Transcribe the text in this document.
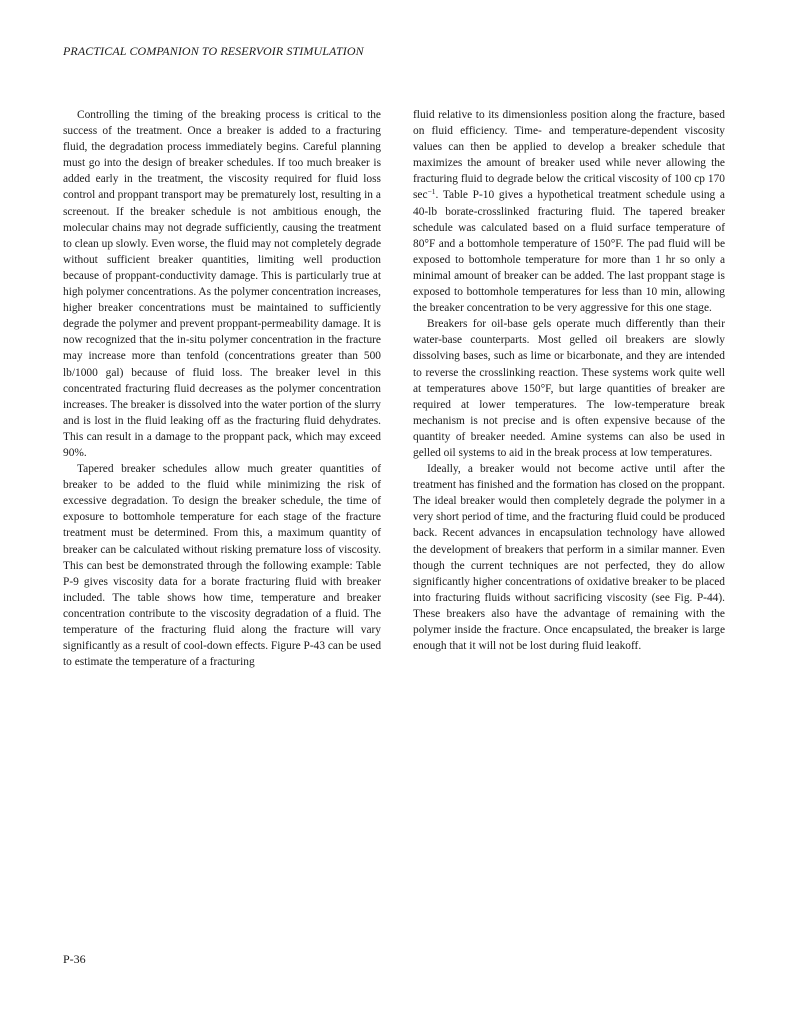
PRACTICAL COMPANION TO RESERVOIR STIMULATION

Controlling the timing of the breaking process is critical to the success of the treatment. Once a breaker is added to a fracturing fluid, the degradation process immediately begins. Careful planning must go into the design of breaker schedules. If too much breaker is added early in the treatment, the viscosity required for fluid loss control and proppant transport may be prematurely lost, resulting in a screenout. If the breaker schedule is not ambitious enough, the molecular chains may not degrade sufficiently, causing the treatment to clean up slowly. Even worse, the fluid may not completely degrade without sufficient breaker quantities, limiting well production because of proppant-conductivity damage. This is particularly true at high polymer concentrations. As the polymer concentration increases, higher breaker concentrations must be maintained to sufficiently degrade the polymer and prevent proppant-permeability damage. It is now recognized that the in-situ polymer concentration in the fracture may increase more than tenfold (concentrations greater than 500 lb/1000 gal) because of fluid loss. The breaker level in this concentrated fracturing fluid decreases as the polymer concentration increases. The breaker is dissolved into the water portion of the slurry and is lost in the fluid leaking off as the fracturing fluid dehydrates. This can result in a damage to the proppant pack, which may exceed 90%.

Tapered breaker schedules allow much greater quantities of breaker to be added to the fluid while minimizing the risk of excessive degradation. To design the breaker schedule, the time of exposure to bottomhole temperature for each stage of the fracture treatment must be determined. From this, a maximum quantity of breaker can be calculated without risking premature loss of viscosity. This can best be demonstrated through the following example: Table P-9 gives viscosity data for a borate fracturing fluid with breaker included. The table shows how time, temperature and breaker concentration contribute to the viscosity degradation of a fluid. The temperature of the fracturing fluid along the fracture will vary significantly as a result of cool-down effects. Figure P-43 can be used to estimate the temperature of a fracturing

fluid relative to its dimensionless position along the fracture, based on fluid efficiency. Time- and temperature-dependent viscosity values can then be applied to develop a breaker schedule that maximizes the amount of breaker used while never allowing the fracturing fluid to degrade below the critical viscosity of 100 cp 170 $\sec^{-1}$. Table P-10 gives a hypothetical treatment schedule using a 40-lb borate-crosslinked fracturing fluid. The tapered breaker schedule was calculated based on a fluid surface temperature of 80°F and a bottomhole temperature of 150°F. The pad fluid will be exposed to bottomhole temperature for more than 1 hr so only a minimal amount of breaker can be added. The last proppant stage is exposed to bottomhole temperatures for less than 10 min, allowing the breaker concentration to be very aggressive for this one stage.

Breakers for oil-base gels operate much differently than their water-base counterparts. Most gelled oil breakers are slowly dissolving bases, such as lime or bicarbonate, and they are intended to reverse the crosslinking reaction. These systems work quite well at temperatures above 150°F, but large quantities of breaker are required at lower temperatures. The low-temperature break mechanism is not precise and is often expensive because of the quantity of breaker needed. Amine systems can also be used in gelled oil systems to aid in the break process at low temperatures.

Ideally, a breaker would not become active until after the treatment has finished and the formation has closed on the proppant. The ideal breaker would then completely degrade the polymer in a very short period of time, and the fracturing fluid could be produced back. Recent advances in encapsulation technology have allowed the development of breakers that perform in a similar manner. Even though the current techniques are not perfected, they do allow significantly higher concentrations of oxidative breaker to be placed into fracturing fluids without sacrificing viscosity (see Fig. P-44). These breakers also have the advantage of remaining with the polymer inside the fracture. Once encapsulated, the breaker is large enough that it will not be lost during fluid leakoff.

P-36
